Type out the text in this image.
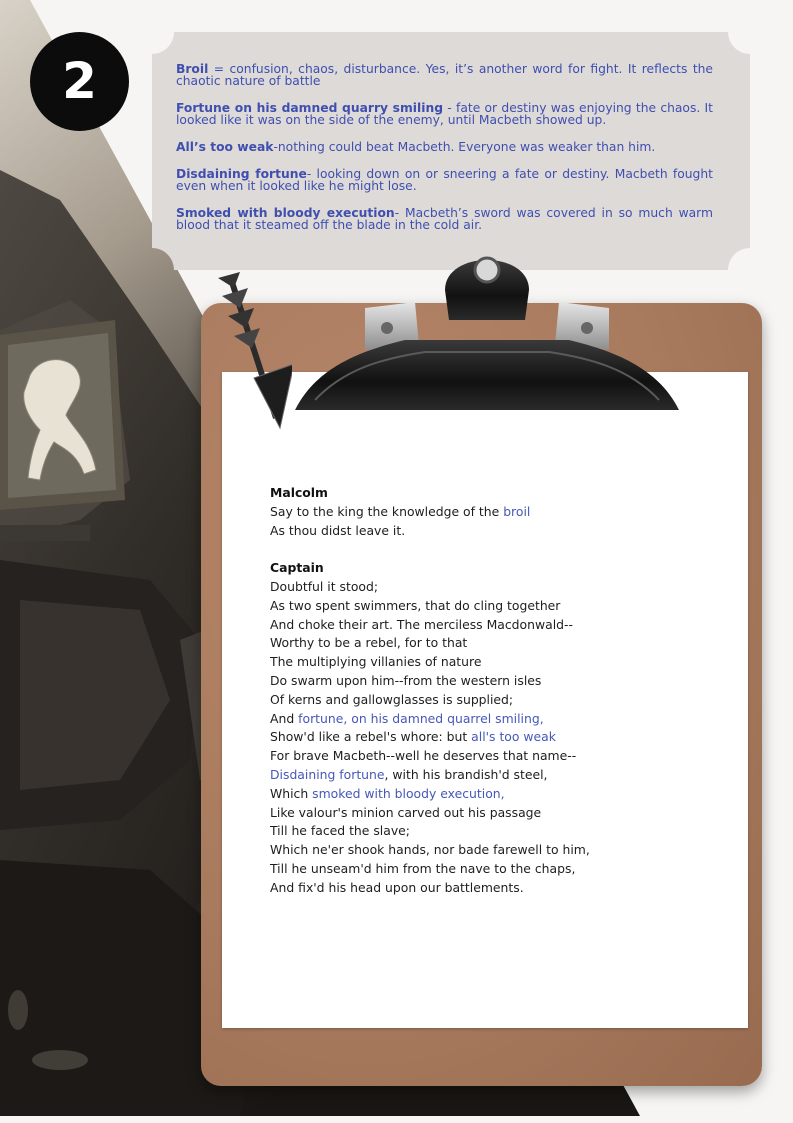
2	Broil = confusion, chaos, disturbance. Yes, it’s another word for fight. It reflects the chaotic nature of battle

Fortune on his damned quarry smiling - fate or destiny was enjoying the chaos. It looked like it was on the side of the enemy, until Macbeth showed up.

All’s too weak-nothing could beat Macbeth. Everyone was weaker than him.

Disdaining fortune- looking down on or sneering a fate or destiny. Macbeth fought even when it looked like he might lose.

Smoked with bloody execution- Macbeth’s sword was covered in so much warm blood that it steamed off the blade in the cold air.

Malcolm
Say to the king the knowledge of the broil
As thou didst leave it.
Captain
Doubtful it stood;
As two spent swimmers, that do cling together
And choke their art. The merciless Macdonwald--
Worthy to be a rebel, for to that
The multiplying villanies of nature
Do swarm upon him--from the western isles
Of kerns and gallowglasses is supplied;
And fortune, on his damned quarrel smiling,
Show'd like a rebel's whore: but all's too weak
For brave Macbeth--well he deserves that name--
Disdaining fortune, with his brandish'd steel,
Which smoked with bloody execution,
Like valour's minion carved out his passage
Till he faced the slave;
Which ne'er shook hands, nor bade farewell to him,
Till he unseam'd him from the nave to the chaps,
And fix'd his head upon our battlements.
